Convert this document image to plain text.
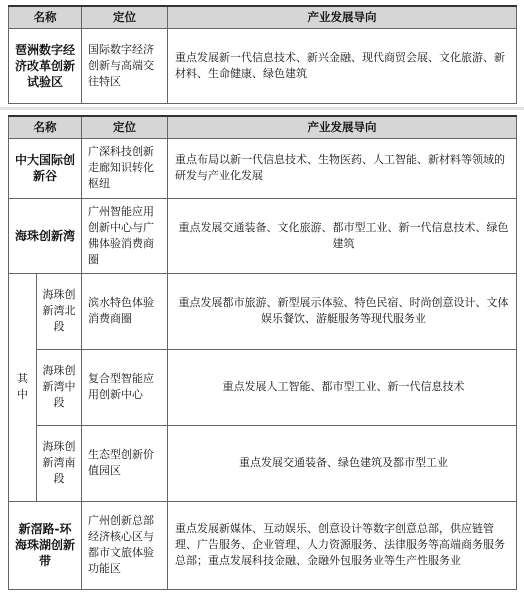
名称	定位	产业发展导向
琶洲数字经济改革创新试验区	国际数字经济创新与高端交往特区	重点发展新一代信息技术、新兴金融、现代商贸会展、文化旅游、新材料、生命健康、绿色建筑
名称		定位	产业发展导向
中大国际创新谷		广深科技创新走廊知识转化枢纽	重点布局以新一代信息技术、生物医药、人工智能、新材料等领域的研发与产业化发展
海珠创新湾		广州智能应用创新中心与广佛体验消费商圈	重点发展交通装备、文化旅游、都市型工业、新一代信息技术、绿色建筑
其中	海珠创新湾北段	滨水特色体验消费商圈	重点发展都市旅游、新型展示体验、特色民宿、时尚创意设计、文体娱乐餐饮、游艇服务等现代服务业
	海珠创新湾中段	复合型智能应用创新中心	重点发展人工智能、都市型工业、新一代信息技术
	海珠创新湾南段	生态型创新价值园区	重点发展交通装备、绿色建筑及都市型工业
新滘路-环海珠湖创新带		广州创新总部经济核心区与都市文旅体验功能区	重点发展新媒体、互动娱乐、创意设计等数字创意总部，供应链管理、广告服务、企业管理、人力资源服务、法律服务等高端商务服务总部；重点发展科技金融、金融外包服务业等生产性服务业
